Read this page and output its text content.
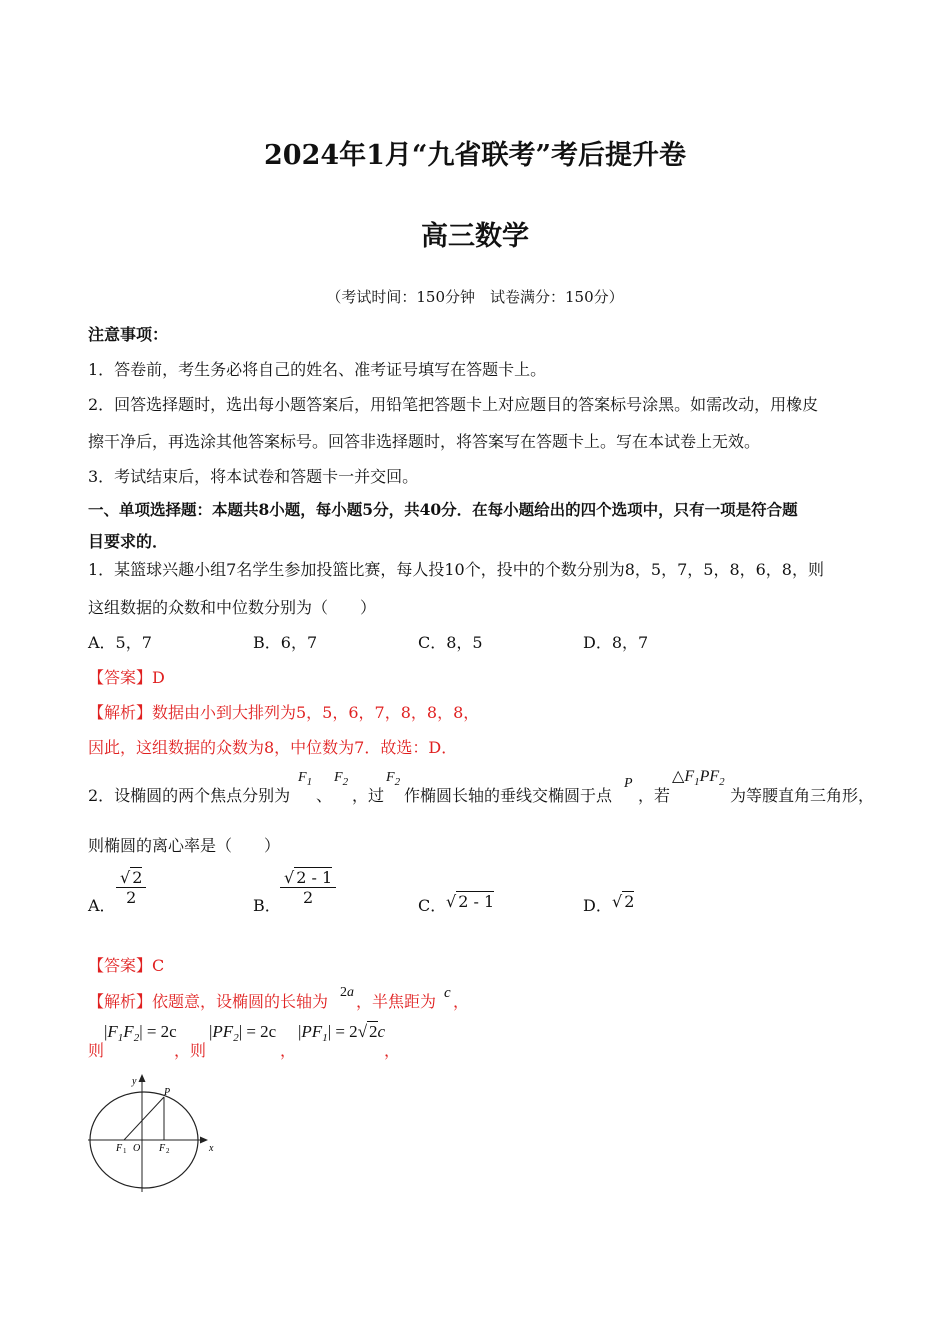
2024年1月“九省联考”考后提升卷
高三数学
（考试时间：150分钟　试卷满分：150分）
注意事项：
1．答卷前，考生务必将自己的姓名、准考证号填写在答题卡上。
2．回答选择题时，选出每小题答案后，用铅笔把答题卡上对应题目的答案标号涂黑。如需改动，用橡皮
擦干净后，再选涂其他答案标号。回答非选择题时，将答案写在答题卡上。写在本试卷上无效。
3．考试结束后，将本试卷和答题卡一并交回。
一、单项选择题：本题共8小题，每小题5分，共40分．在每小题给出的四个选项中，只有一项是符合题
目要求的．
1．某篮球兴趣小组7名学生参加投篮比赛，每人投10个，投中的个数分别为8，5，7，5，8，6，8，则
这组数据的众数和中位数分别为（　　）
A．5，7	B．6，7	C．8，5	D．8，7
【答案】D
【解析】数据由小到大排列为5，5，6，7，8，8，8，
因此，这组数据的众数为8，中位数为7．故选：D．
2．设椭圆的两个焦点分别为
$F_1$
、
$F_2$
，过
$F_2$
作椭圆长轴的垂线交椭圆于点
P
，若
$\triangle F_1PF_2$
为等腰直角三角形，
则椭圆的离心率是（　　）
A． $\frac{√ 2}{2}$	B． $\frac{√ 2 - 1}{2}$	C． √ 2 - 1	D． √ 2
【答案】C
【解析】依题意，设椭圆的长轴为 2a ，半焦距为 c ，
则
$|F_1F_2| = 2c$
，则
$|PF_2| = 2c$
，
$|PF_1| = 2√$ 2c
，
y
x
P
F 1 O F 2
